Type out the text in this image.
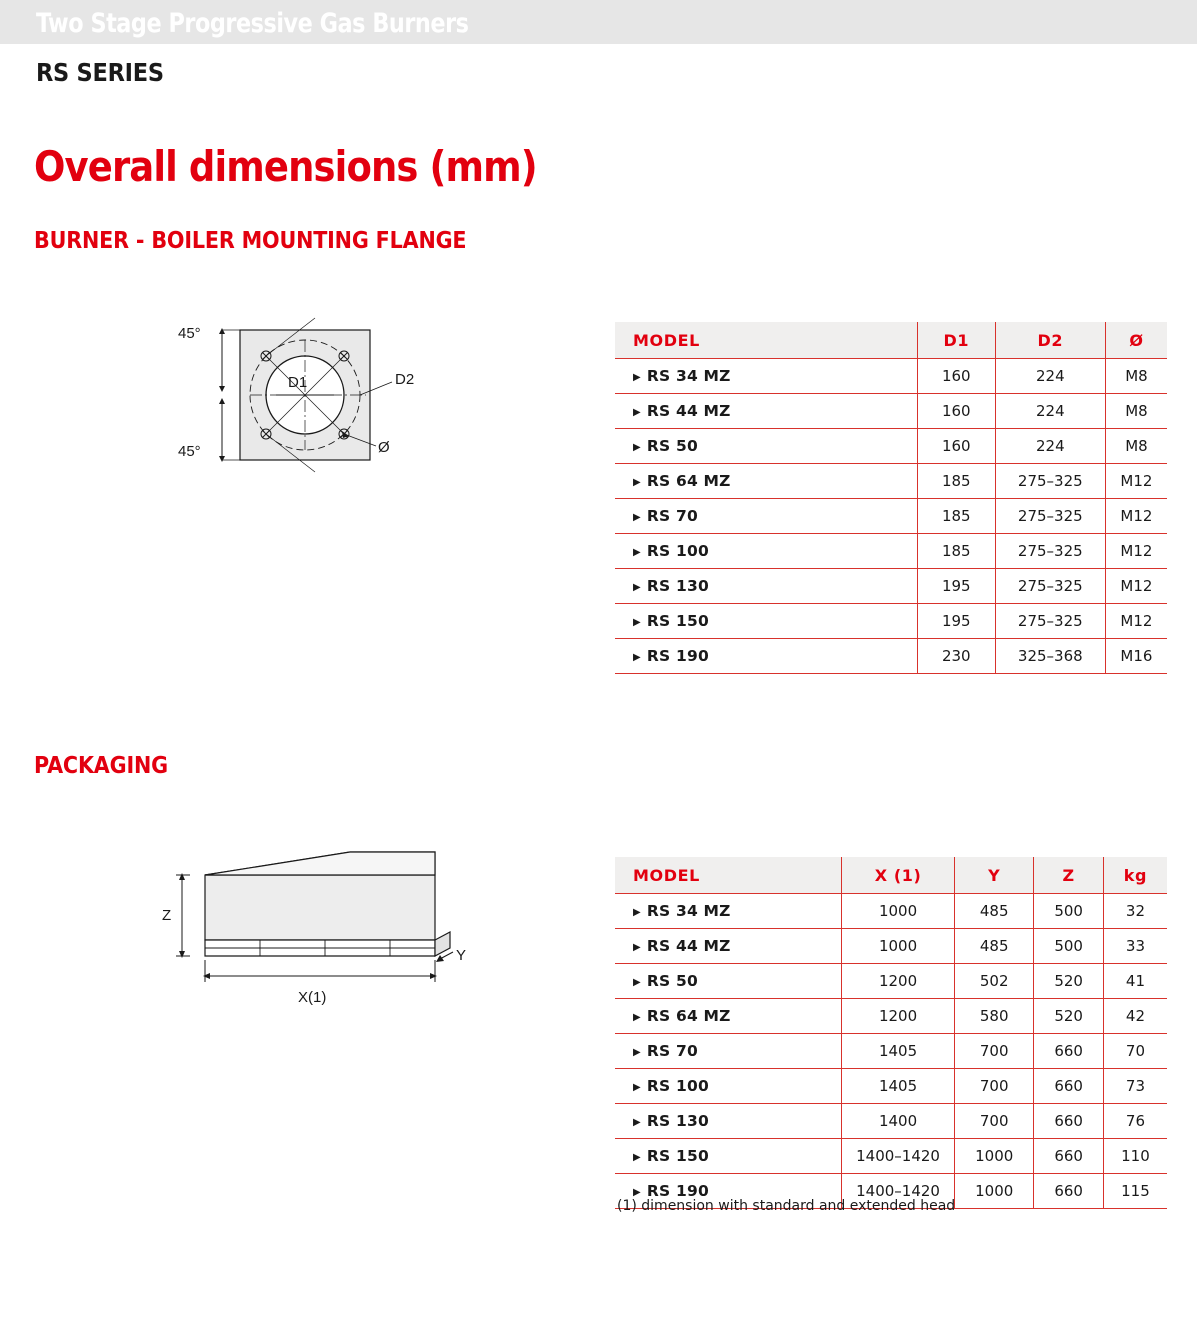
Two Stage Progressive Gas Burners
RS SERIES
Overall dimensions (mm)
BURNER - BOILER MOUNTING FLANGE
PACKAGING
45°
45°
D1	D2
Ø
Z
X(1)
Y
MODEL	D1	D2	Ø
▶ RS 34 MZ	160	224	M8
▶ RS 44 MZ	160	224	M8
▶ RS 50	160	224	M8
▶ RS 64 MZ	185	275–325	M12
▶ RS 70	185	275–325	M12
▶ RS 100	185	275–325	M12
▶ RS 130	195	275–325	M12
▶ RS 150	195	275–325	M12
▶ RS 190	230	325–368	M16
MODEL	X (1)	Y	Z	kg
▶ RS 34 MZ	1000	485	500	32
▶ RS 44 MZ	1000	485	500	33
▶ RS 50	1200	502	520	41
▶ RS 64 MZ	1200	580	520	42
▶ RS 70	1405	700	660	70
▶ RS 100	1405	700	660	73
▶ RS 130	1400	700	660	76
▶ RS 150	1400–1420	1000	660	110
▶ RS 190	1400–1420	1000	660	115
(1) dimension with standard and extended head
